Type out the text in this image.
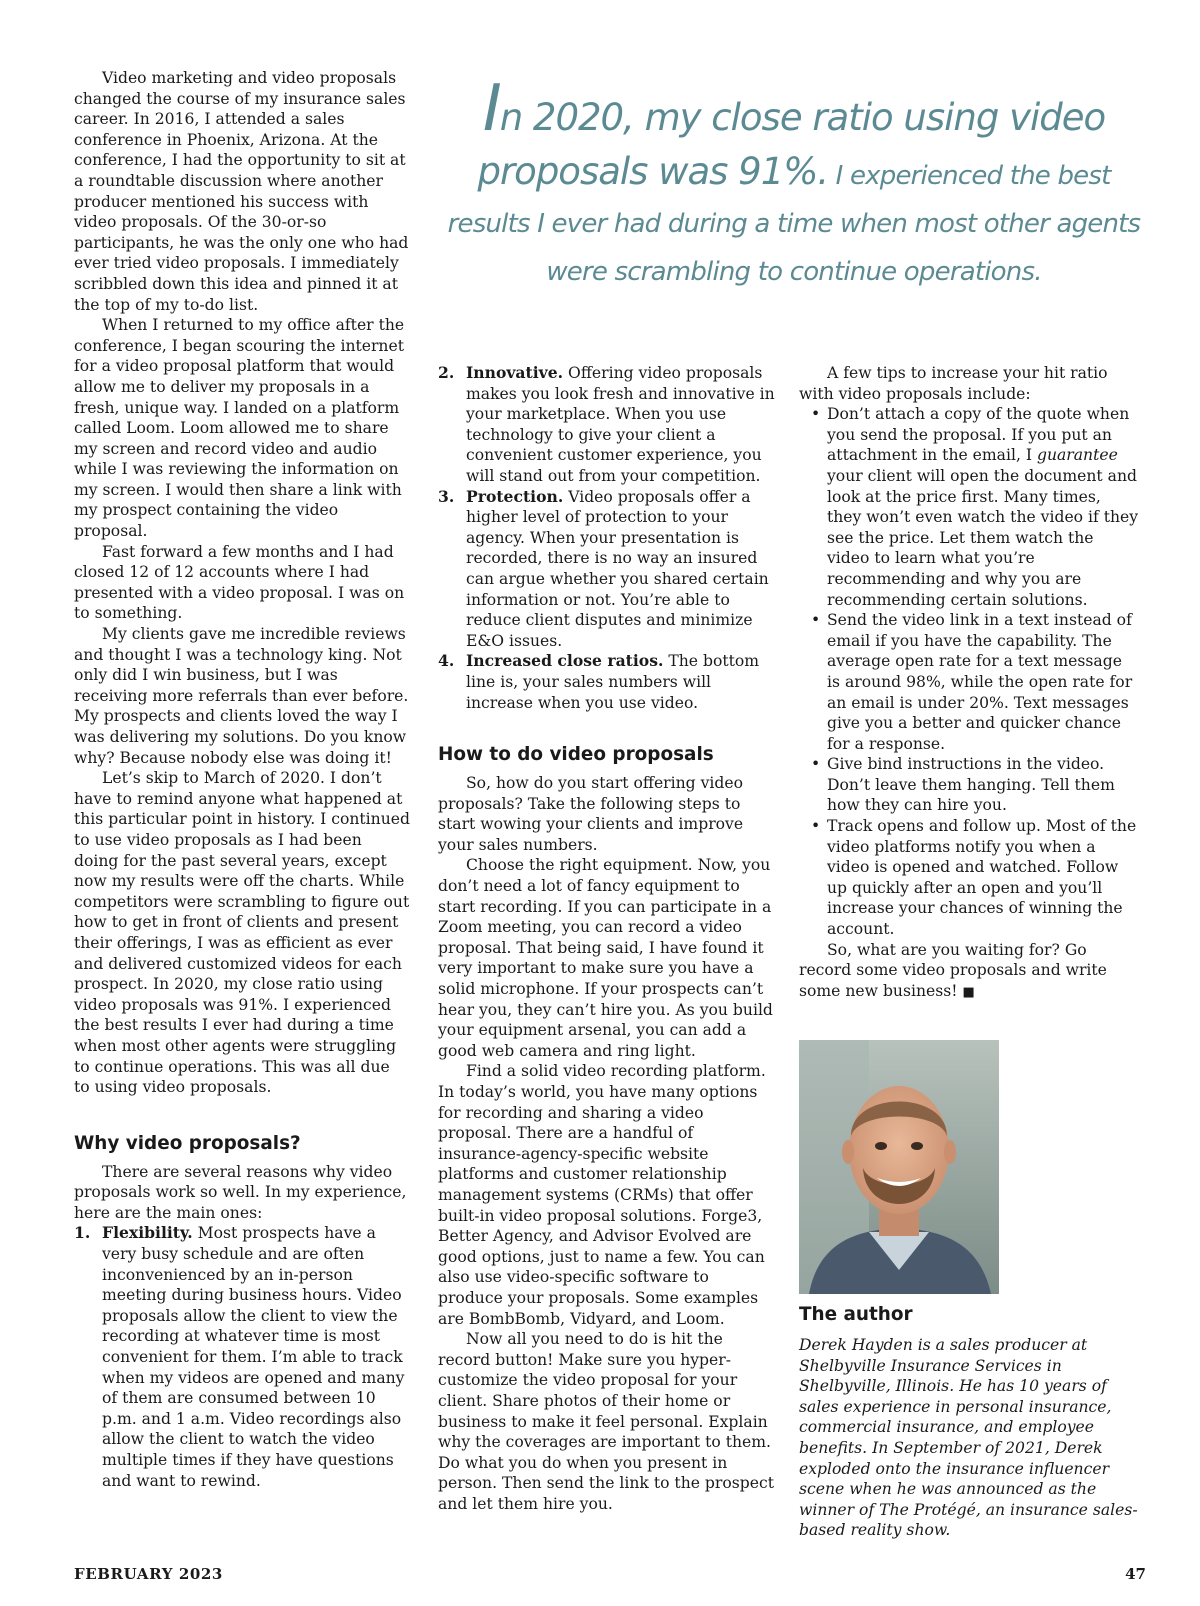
Video marketing and video proposals changed the course of my insurance sales career. In 2016, I attended a sales conference in Phoenix, Arizona. At the conference, I had the opportunity to sit at a roundtable discussion where another producer mentioned his success with video proposals. Of the 30-or-so participants, he was the only one who had ever tried video proposals. I immediately scribbled down this idea and pinned it at the top of my to-do list.

When I returned to my office after the conference, I began scouring the internet for a video proposal platform that would allow me to deliver my proposals in a fresh, unique way. I landed on a platform called Loom. Loom allowed me to share my screen and record video and audio while I was reviewing the information on my screen. I would then share a link with my prospect containing the video proposal.

Fast forward a few months and I had closed 12 of 12 accounts where I had presented with a video proposal. I was on to something.

My clients gave me incredible reviews and thought I was a technology king. Not only did I win business, but I was receiving more referrals than ever before. My prospects and clients loved the way I was delivering my solutions. Do you know why? Because nobody else was doing it!

Let’s skip to March of 2020. I don’t have to remind anyone what happened at this particular point in history. I continued to use video proposals as I had been doing for the past several years, except now my results were off the charts. While competitors were scrambling to figure out how to get in front of clients and present their offerings, I was as efficient as ever and delivered customized videos for each prospect. In 2020, my close ratio using video proposals was 91%. I experienced the best results I ever had during a time when most other agents were struggling to continue operations. This was all due to using video proposals.

Why video proposals?

There are several reasons why video proposals work so well. In my experience, here are the main ones:

1. Flexibility. Most prospects have a very busy schedule and are often inconvenienced by an in-person meeting during business hours. Video proposals allow the client to view the recording at whatever time is most convenient for them. I’m able to track when my videos are opened and many of them are consumed between 10 p.m. and 1 a.m. Video recordings also allow the client to watch the video multiple times if they have questions and want to rewind.
In 2020, my close ratio using video
proposals was 91%. I experienced the best
results I ever had during a time when most other agents
were scrambling to continue operations.
2. Innovative. Offering video proposals makes you look fresh and innovative in your marketplace. When you use technology to give your client a convenient customer experience, you will stand out from your competition.
3. Protection. Video proposals offer a higher level of protection to your agency. When your presentation is recorded, there is no way an insured can argue whether you shared certain information or not. You’re able to reduce client disputes and minimize E&O issues.
4. Increased close ratios. The bottom line is, your sales numbers will increase when you use video.
How to do video proposals

So, how do you start offering video proposals? Take the following steps to start wowing your clients and improve your sales numbers.

Choose the right equipment. Now, you don’t need a lot of fancy equipment to start recording. If you can participate in a Zoom meeting, you can record a video proposal. That being said, I have found it very important to make sure you have a solid microphone. If your prospects can’t hear you, they can’t hire you. As you build your equipment arsenal, you can add a good web camera and ring light.

Find a solid video recording platform. In today’s world, you have many options for recording and sharing a video proposal. There are a handful of insurance-agency-specific website platforms and customer relationship management systems (CRMs) that offer built-in video proposal solutions. Forge3, Better Agency, and Advisor Evolved are good options, just to name a few. You can also use video-specific software to produce your proposals. Some examples are BombBomb, Vidyard, and Loom.

Now all you need to do is hit the record button! Make sure you hyper-customize the video proposal for your client. Share photos of their home or business to make it feel personal. Explain why the coverages are important to them. Do what you do when you present in person. Then send the link to the prospect and let them hire you.

A few tips to increase your hit ratio with video proposals include:

• Don’t attach a copy of the quote when you send the proposal. If you put an attachment in the email, I guarantee your client will open the document and look at the price first. Many times, they won’t even watch the video if they see the price. Let them watch the video to learn what you’re recommending and why you are recommending certain solutions.
• Send the video link in a text instead of email if you have the capability. The average open rate for a text message is around 98%, while the open rate for an email is under 20%. Text messages give you a better and quicker chance for a response.
• Give bind instructions in the video. Don’t leave them hanging. Tell them how they can hire you.
• Track opens and follow up. Most of the video platforms notify you when a video is opened and watched. Follow up quickly after an open and you’ll increase your chances of winning the account.

So, what are you waiting for? Go record some video proposals and write some new business! ■

The author

Derek Hayden is a sales producer at Shelbyville Insurance Services in Shelbyville, Illinois. He has 10 years of sales experience in personal insurance, commercial insurance, and employee benefits. In September of 2021, Derek exploded onto the insurance influencer scene when he was announced as the winner of The Protégé, an insurance sales-based reality show.

FEBRUARY 2023	47
